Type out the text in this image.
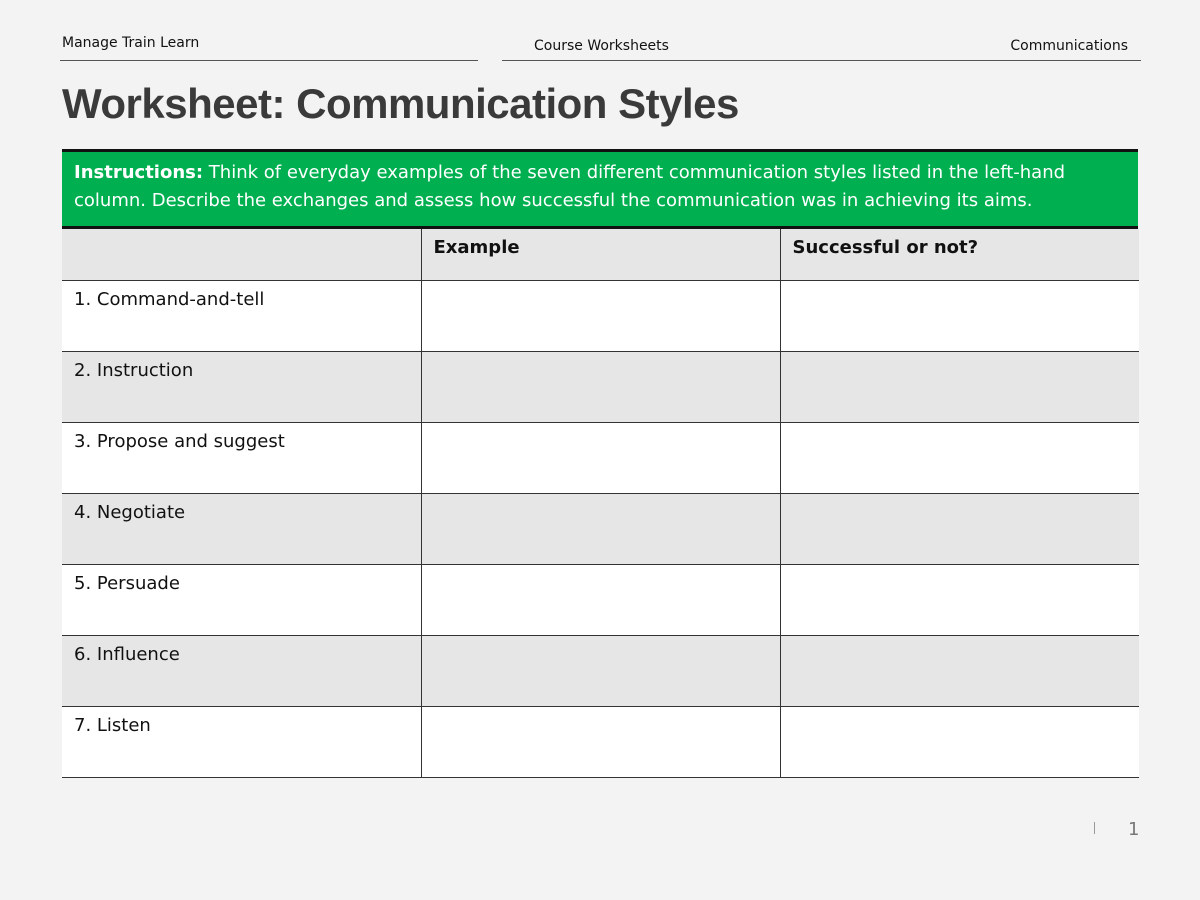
Manage Train Learn	Course Worksheets	Communications
Worksheet: Communication Styles
Instructions: Think of everyday examples of the seven different communication styles listed in the left-hand column. Describe the exchanges and assess how successful the communication was in achieving its aims.
	Example	Successful or not?
1. Command-and-tell		
2. Instruction		
3. Propose and suggest		
4. Negotiate		
5. Persuade		
6. Influence		
7. Listen		
1
